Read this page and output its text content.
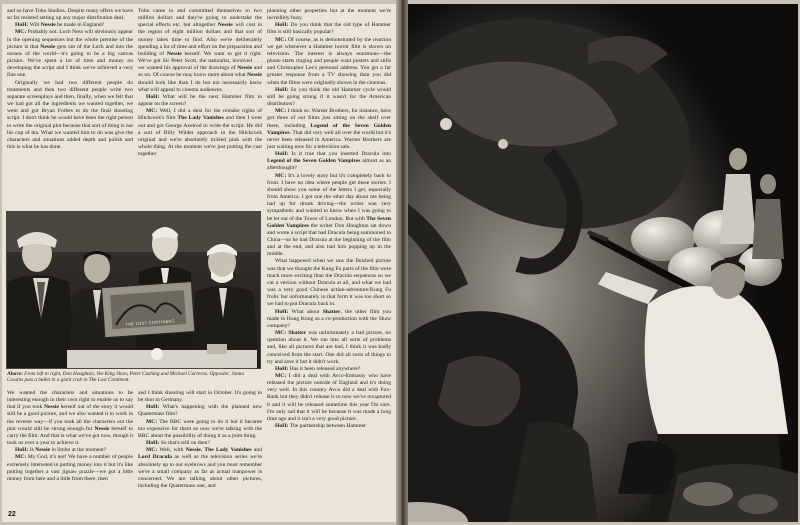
and so have Toho Studios. Despite many offers we have so far resisted setting up any major distribution deal.

HoH: Will Nessie be made in England?

MC: Probably not. Loch Ness will obviously appear in the opening sequences but the whole premise of the picture is that Nessie gets out of the Loch and into the oceans of the world—it's going to be a big canvas picture. We've spent a lot of time and money on developing the script and I think we've achieved a very fine one.

Originally we had two different people do treatments and then two different people write two separate screenplays and then, finally, when we felt that we had got all the ingredients we wanted together, we went and got Bryan Forbes to do the final shooting script. I don't think he would have been the right person to write the original plot because that sort of thing is not his cup of tea. What we wanted him to do was give the characters and situations added depth and polish and this is what he has done.

Toho came in and committed themselves to two million dollars and they're going to undertake the special effects etc, but altogether Nessie will cost in the region of eight million dollars and that sort of money takes time to find. Also we're deliberately spending a lot of time and effort on the preparation and building of Nessie herself. We want to get it right. We've got Sir Peter Scott, the naturalist, involved . . . we wanted his approval of the drawings of Nessie and so on. Of course he may know more about what Nessie should look like than I do but not necessarily know what will appeal to cinema audiences.

HoH: What will be the next Hammer film to appear on the screen?

MC: Well, I did a deal for the remake rights of Hitchcock's film The Lady Vanishes and then I went out and got George Axelrod to write the script. He did a sort of Billy Wilder approach to the Hitchcock original and we're absolutely tickled pink with the whole thing. At the moment we're just putting the cast together

planning other properties but at the moment we're incredibly busy.

HoH: Do you think that the old type of Hammer film is still basically popular?

MC: Of course, as is demonstrated by the reaction we get whenever a Hammer horror film is shown on television. The interest is always enormous—the phone starts ringing and people want posters and stills and Christopher Lee's personal address. You get a far greater response from a TV showing than you did when the films were originally shown in the cinemas.

HoH: So you think the old Hammer cycle would still be going strong if it wasn't for the American distributors?

MC: I think so. Warner Brothers, for instance, have got three of our films just sitting on the shelf over there, including Legend of the Seven Golden Vampires. That did very well all over the world but it's never been released in America. Warner Brothers are just waiting now for a television sale.

HoH: Is it true that you inserted Dracula into Legend of the Seven Golden Vampires almost as an afterthought?

MC: It's a lovely story but it's completely back to front. I have no idea where people get these stories. I should show you some of the letters I get, especially from America. I got one the other day about me being had up for drunk driving—the writer was very sympathetic and wanted to know when I was going to be let out of the Tower of London. But with The Seven Golden Vampires the writer Don Houghton sat down and wrote a script that had Dracula being summoned to China—so he had Dracula at the beginning of the film and at the end, and also had him popping up in the middle.

What happened when we saw the finished picture was that we thought the Kung Fu parts of the film were much more exciting than the Dracula sequences so we cut a version without Dracula at all, and what we had was a very good Chinese action-adventure/Kung Fu frolic but unfortunately in that form it was too short so we had to put Dracula back in.

HoH: What about Shatter, the other film you made in Hong Kong as a co-production with the Shaw company?

MC: Shatter was unfortunately a bad picture, no question about it. We ran into all sorts of problems and, like all pictures that are bad, I think it was badly conceived from the start. One did all sorts of things to try and save it but it didn't work.

HoH: Has it been released anywhere?

MC: I did a deal with Avco-Embassy who have released the picture outside of England and it's doing very well. In this country Avco did a deal with Fox-Rank but they didn't release it so now we've recaptured it and it will be released sometime this year I'm sure. I'm only sad that it will be because it was made a long time ago and it isn't a very good picture.

HoH: The partnership between Hammer

THE LOST CONTINENT
Above: From left to right, Don Houghton, Vee King Shaw, Peter Cushing and Michael Carreras. Opposite: James Cossins puts a bullet in a giant crab in The Lost Continent.

We wanted the characters and situations to be interesting enough in their own right to enable us to say that if you took Nessie herself out of the story it would still be a good picture, and we also wanted it to work in the reverse way—if you took all the characters out the plot would still be strong enough for Nessie herself to carry the film. And that is what we've got now, though it took us over a year to achieve it.

HoH: Is Nessie in limbo at the moment?

MC: My God, it's not! We have a number of people extremely interested in putting money into it but it's like putting together a vast jigsaw puzzle—we got a little money from here and a little from there, then

and I think shooting will start in October. It's going to be shot in Germany.

HoH: What's happening with the planned new Quatermass film?

MC: The BBC were going to do it but it became too expensive for them so now we're talking with the BBC about the possibility of doing it as a joint thing.

HoH: So that's still on then?

MC: Well, with Nessie, The Lady Vanishes and Lord Dracula as well as the television series we're absolutely up to our eyebrows and you must remember we're a small company as far as actual manpower is concerned. We are talking about other pictures, including the Quatermass one, and

22
